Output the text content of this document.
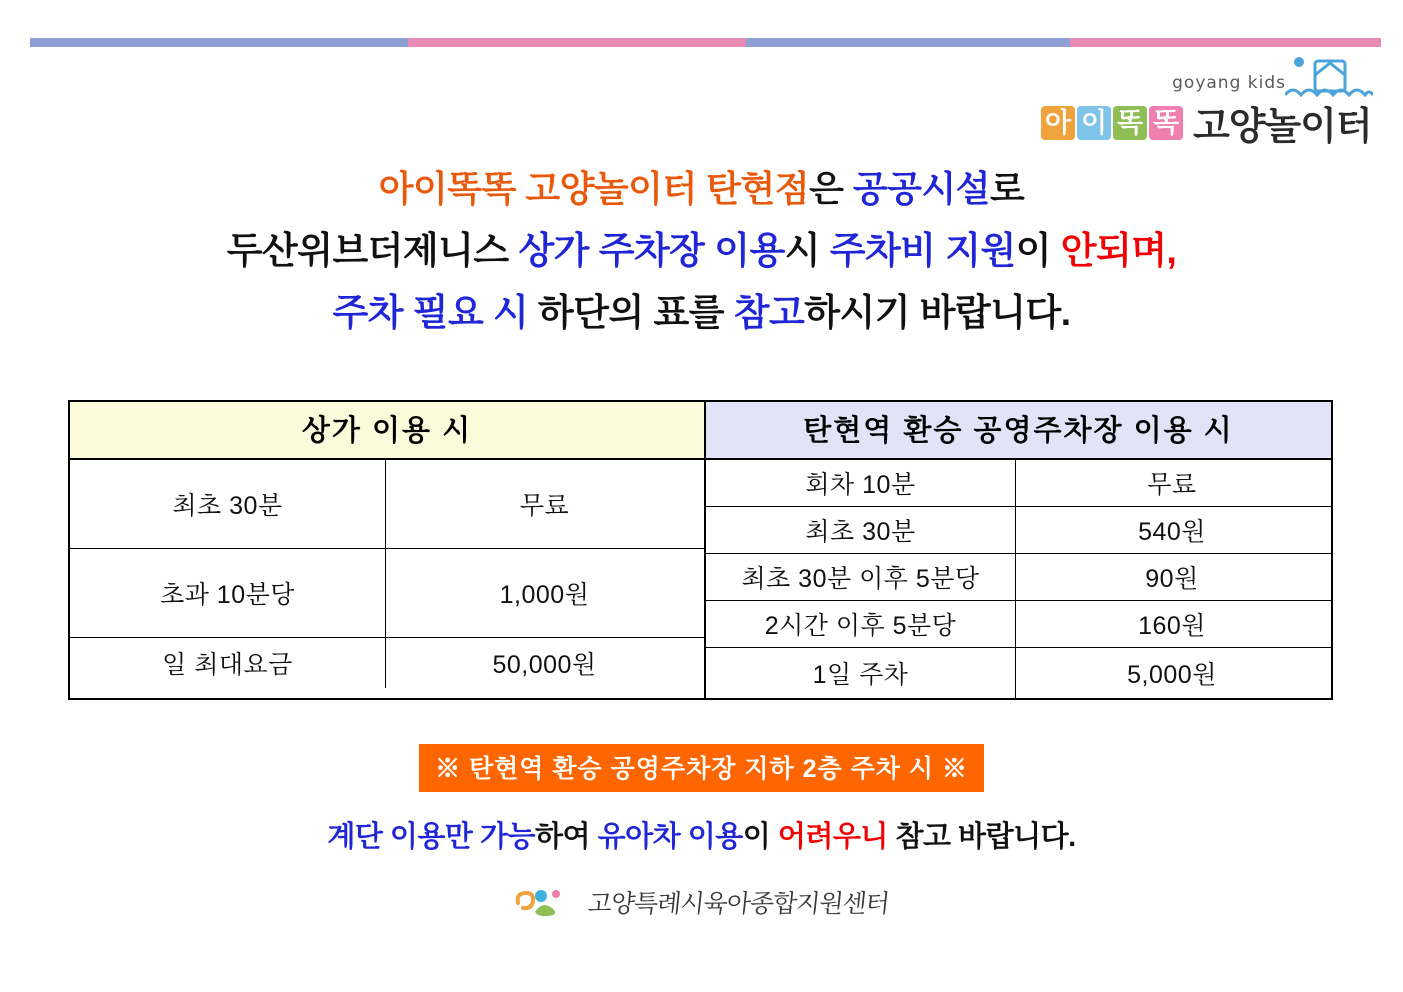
goyang kids
아 이 똑 똑 고양놀이터
아이똑똑 고양놀이터 탄현점은 공공시설로
두산위브더제니스 상가 주차장 이용시 주차비 지원이 안되며,
주차 필요 시 하단의 표를 참고하시기 바랍니다.
상가 이용 시
최초 30분	무료
초과 10분당	1,000원
일 최대요금	50,000원
탄현역 환승 공영주차장 이용 시
회차 10분	무료
최초 30분	540원
최초 30분 이후 5분당	90원
2시간 이후 5분당	160원
1일 주차	5,000원
※ 탄현역 환승 공영주차장 지하 2층 주차 시 ※
계단 이용만 가능하여 유아차 이용이 어려우니 참고 바랍니다.
고양특례시육아종합지원센터
